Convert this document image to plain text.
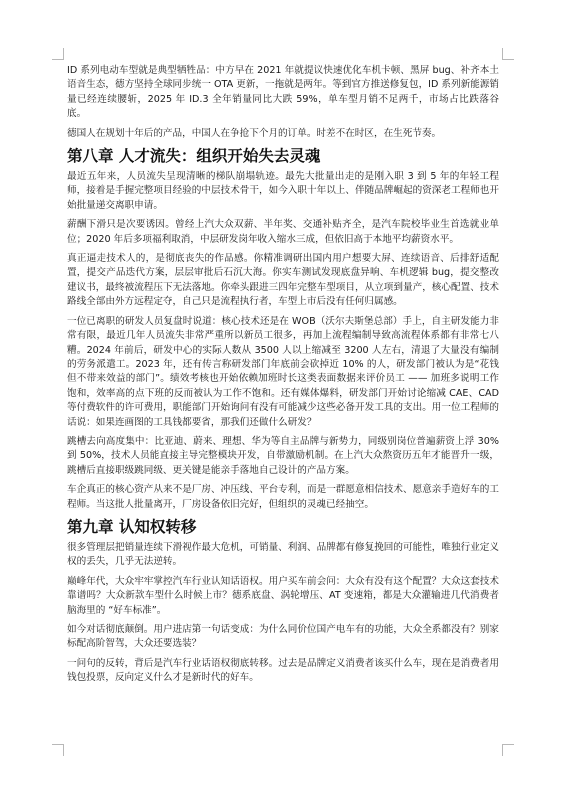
ID 系列电动车型就是典型牺牲品：中方早在 2021 年就提议快速优化车机卡顿、黑屏 bug、补齐本土语音生态，德方坚持全球同步统一 OTA 更新，一拖就是两年。等到官方推送修复包，ID 系列新能源销量已经连续腰斩，2025 年 ID.3 全年销量同比大跌 59%，单车型月销不足两千，市场占比跌落谷底。

德国人在规划十年后的产品，中国人在争抢下个月的订单。时差不在时区，在生死节奏。

第八章 人才流失：组织开始失去灵魂

最近五年来，人员流失呈现清晰的梯队崩塌轨迹。最先大批量出走的是刚入职 3 到 5 年的年轻工程师，接着是手握完整项目经验的中层技术骨干，如今入职十年以上、伴随品牌崛起的资深老工程师也开始批量递交离职申请。

薪酬下滑只是次要诱因。曾经上汽大众双薪、半年奖、交通补贴齐全，是汽车院校毕业生首选就业单位；2020 年后多项福利取消，中层研发岗年收入缩水三成，但依旧高于本地平均薪资水平。

真正逼走技术人的，是彻底丧失的作品感。你精准调研出国内用户想要大屏、连续语音、后排舒适配置，提交产品迭代方案，层层审批后石沉大海。你实车测试发现底盘异响、车机逻辑 bug，提交整改建议书，最终被流程压下无法落地。你牵头跟进三四年完整车型项目，从立项到量产，核心配置、技术路线全部由外方远程定夺，自己只是流程执行者，车型上市后没有任何归属感。

一位已离职的研发人员复盘时说道：核心技术还是在 WOB（沃尔夫斯堡总部）手上，自主研发能力非常有限，最近几年人员流失非常严重所以新员工很多，再加上流程编制导致高流程体系都有非常七八糟。2024 年前后，研发中心的实际人数从 3500 人以上缩减至 3200 人左右，清退了大量没有编制的劳务派遣工。2023 年，还有传言称研发部门年底前会砍掉近 10% 的人，研发部门被认为是“花钱但不带来效益的部门”。绩效考核也开始依赖加班时长这类表面数据来评价员工 —— 加班多说明工作饱和，效率高的点下班的反而被认为工作不饱和。还有媒体爆料，研发部门开始讨论缩减 CAE、CAD 等付费软件的许可费用，职能部门开始询问有没有可能减少这些必备开发工具的支出。用一位工程师的话说：如果连画图的工具钱都要省，那我们还做什么研发？

跳槽去向高度集中：比亚迪、蔚来、理想、华为等自主品牌与新势力，同级别岗位普遍薪资上浮 30% 到 50%，技术人员能直接主导完整模块开发，自带激励机制。在上汽大众熬资历五年才能晋升一级，跳槽后直接职级跳同级、更关键是能亲手落地自己设计的产品方案。

车企真正的核心资产从来不是厂房、冲压线、平台专利，而是一群愿意相信技术、愿意亲手造好车的工程师。当这批人批量离开，厂房设备依旧完好，但组织的灵魂已经抽空。

第九章 认知权转移

很多管理层把销量连续下滑视作最大危机，可销量、利润、品牌都有修复挽回的可能性，唯独行业定义权的丢失，几乎无法逆转。

巅峰年代，大众牢牢掌控汽车行业认知话语权。用户买车前会问：大众有没有这个配置？大众这套技术靠谱吗？大众新款车型什么时候上市？德系底盘、涡轮增压、AT 变速箱，都是大众灌输进几代消费者脑海里的 “好车标准”。

如今对话彻底颠倒。用户进店第一句话变成：为什么同价位国产电车有的功能，大众全系都没有？别家标配高阶智驾，大众还要选装？

一问句的反转，背后是汽车行业话语权彻底转移。过去是品牌定义消费者该买什么车，现在是消费者用钱包投票，反向定义什么才是新时代的好车。
